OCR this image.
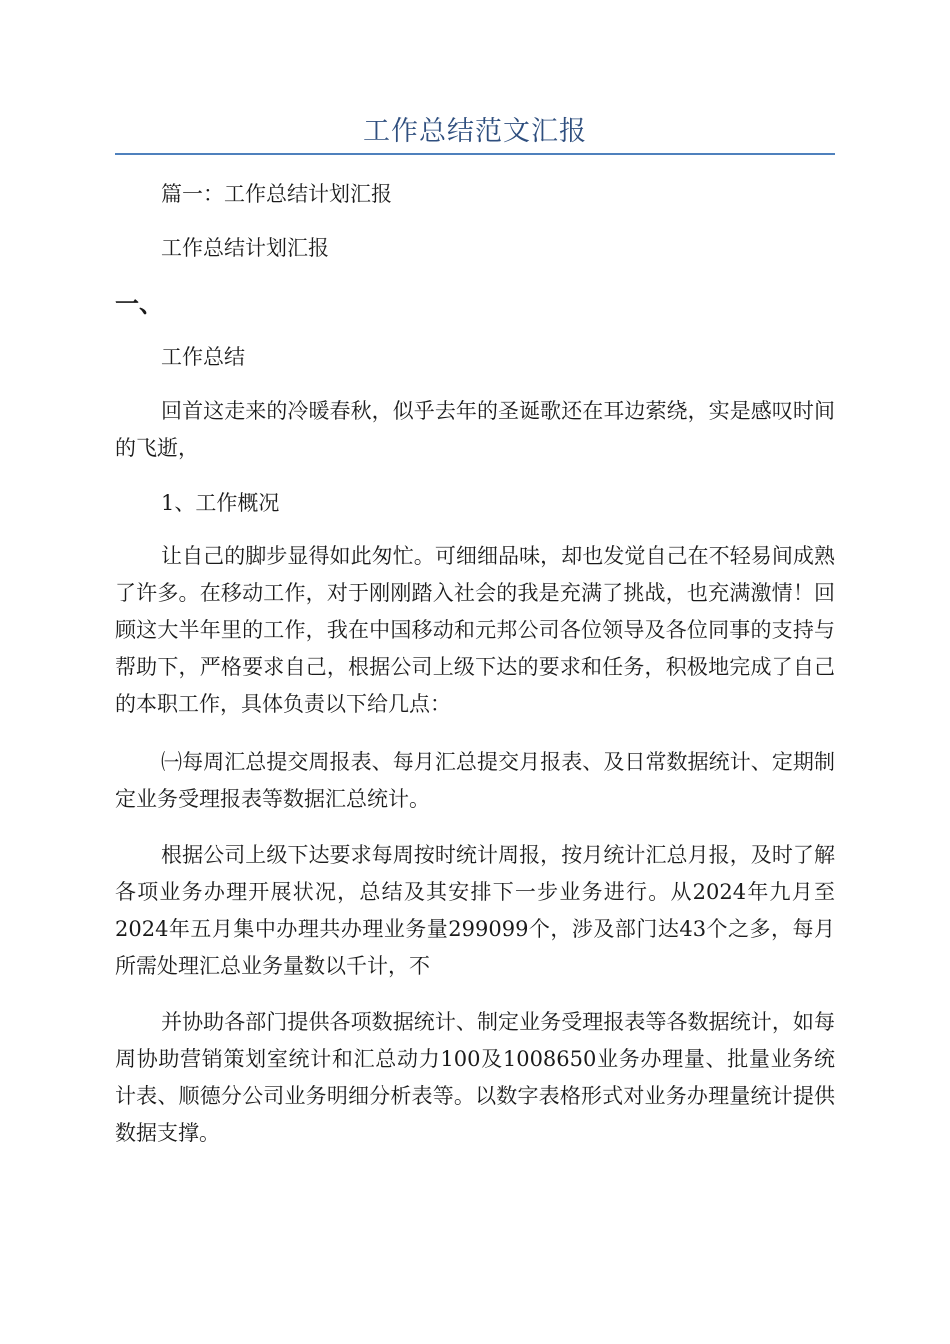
工作总结范文汇报
篇一：工作总结计划汇报
工作总结计划汇报
一、
工作总结
回首这走来的冷暖春秋，似乎去年的圣诞歌还在耳边萦绕，实是感叹时间的飞逝，
1、工作概况
让自己的脚步显得如此匆忙。可细细品味，却也发觉自己在不轻易间成熟了许多。在移动工作，对于刚刚踏入社会的我是充满了挑战，也充满激情！回顾这大半年里的工作，我在中国移动和元邦公司各位领导及各位同事的支持与帮助下，严格要求自己，根据公司上级下达的要求和任务，积极地完成了自己的本职工作，具体负责以下给几点：
㈠每周汇总提交周报表、每月汇总提交月报表、及日常数据统计、定期制定业务受理报表等数据汇总统计。
根据公司上级下达要求每周按时统计周报，按月统计汇总月报，及时了解各项业务办理开展状况，总结及其安排下一步业务进行。从2024年九月至2024年五月集中办理共办理业务量299099个，涉及部门达43个之多，每月所需处理汇总业务量数以千计，不
并协助各部门提供各项数据统计、制定业务受理报表等各数据统计，如每周协助营销策划室统计和汇总动力100及1008650业务办理量、批量业务统计表、顺德分公司业务明细分析表等。以数字表格形式对业务办理量统计提供数据支撑。
